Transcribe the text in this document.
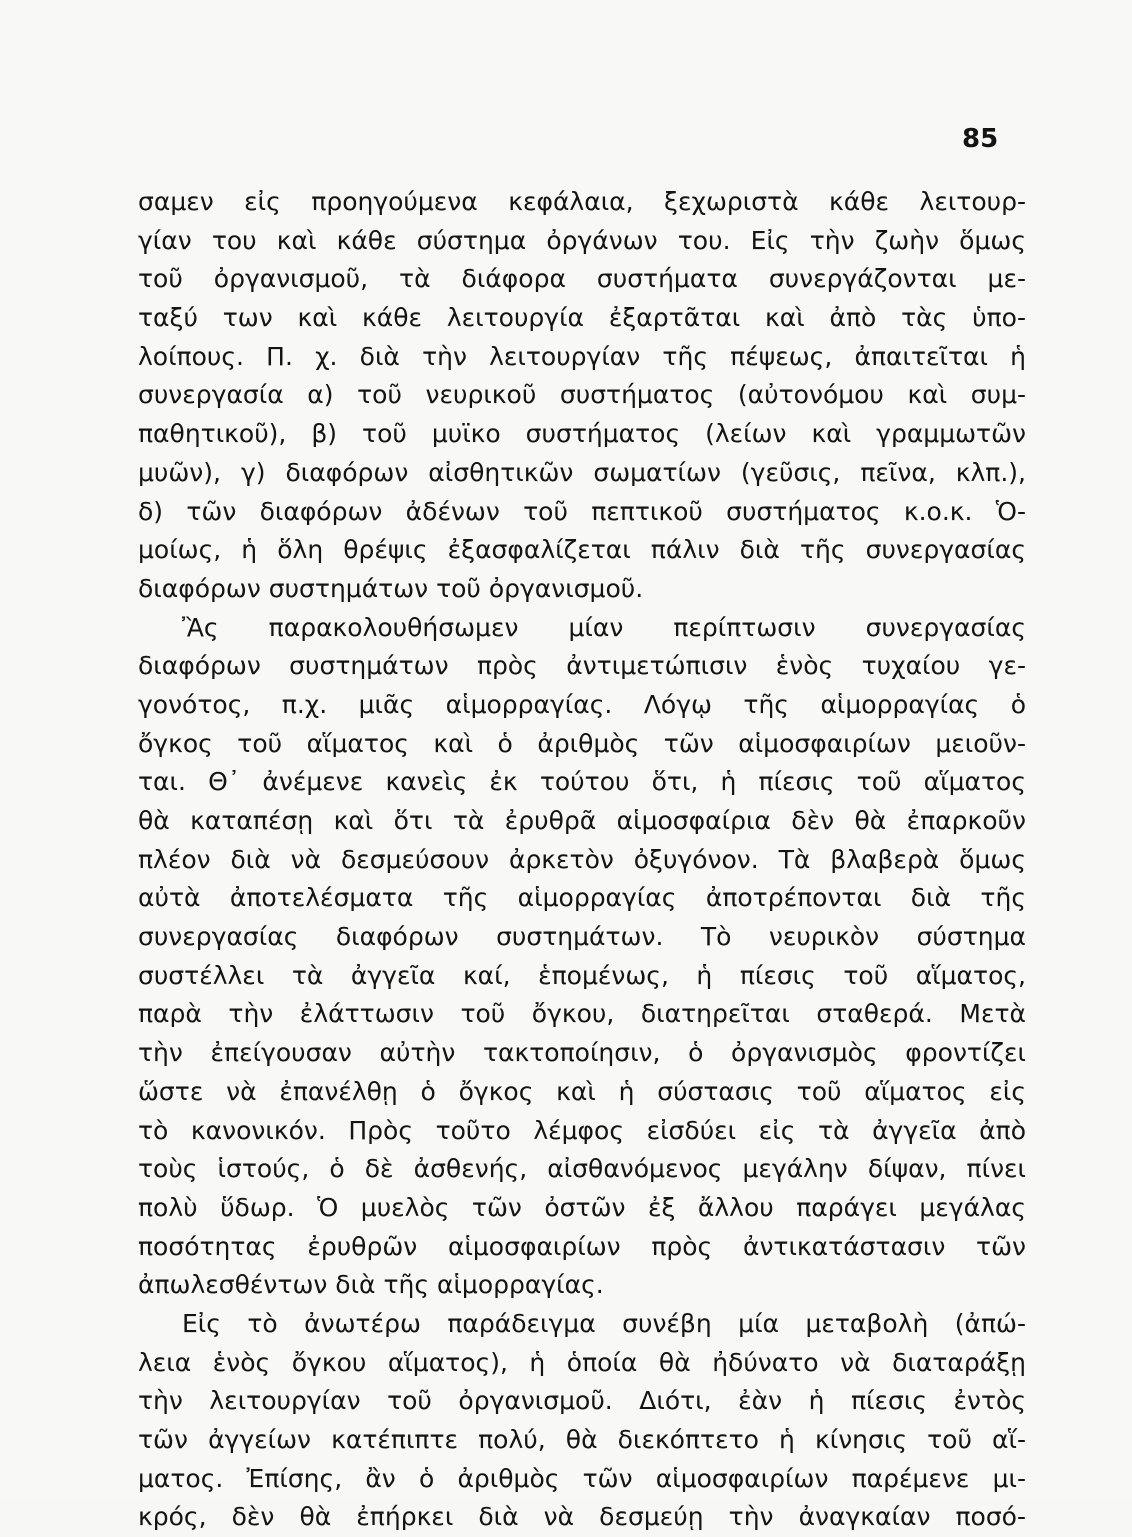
85
σαμεν εἰς προηγούμενα κεφάλαια, ξεχωριστὰ κάθε λειτουρ-
γίαν του καὶ κάθε σύστημα ὀργάνων του. Εἰς τὴν ζωὴν ὅμως
τοῦ ὀργανισμοῦ, τὰ διάφορα συστήματα συνεργάζονται με-
ταξύ των καὶ κάθε λειτουργία ἐξαρτᾶται καὶ ἀπὸ τὰς ὑπο-
λοίπους. Π. χ. διὰ τὴν λειτουργίαν τῆς πέψεως, ἀπαιτεῖται ἡ
συνεργασία α) τοῦ νευρικοῦ συστήματος (αὐτονόμου καὶ συμ-
παθητικοῦ), β) τοῦ μυϊκο συστήματος (λείων καὶ γραμμωτῶν
μυῶν), γ) διαφόρων αἰσθητικῶν σωματίων (γεῦσις, πεῖνα, κλπ.),
δ) τῶν διαφόρων ἀδένων τοῦ πεπτικοῦ συστήματος κ.ο.κ. Ὁ-
μοίως, ἡ ὅλη θρέψις ἐξασφαλίζεται πάλιν διὰ τῆς συνεργασίας
διαφόρων συστημάτων τοῦ ὀργανισμοῦ.
Ἂς παρακολουθήσωμεν μίαν περίπτωσιν συνεργασίας
διαφόρων συστημάτων πρὸς ἀντιμετώπισιν ἑνὸς τυχαίου γε-
γονότος, π.χ. μιᾶς αἱμορραγίας. Λόγῳ τῆς αἱμορραγίας ὁ
ὄγκος τοῦ αἵματος καὶ ὁ ἀριθμὸς τῶν αἱμοσφαιρίων μειοῦν-
ται. Θ᾽ ἀνέμενε κανεὶς ἐκ τούτου ὅτι, ἡ πίεσις τοῦ αἵματος
θὰ καταπέσῃ καὶ ὅτι τὰ ἐρυθρᾶ αἱμοσφαίρια δὲν θὰ ἐπαρκοῦν
πλέον διὰ νὰ δεσμεύσουν ἀρκετὸν ὀξυγόνον. Τὰ βλαβερὰ ὅμως
αὐτὰ ἀποτελέσματα τῆς αἱμορραγίας ἀποτρέπονται διὰ τῆς
συνεργασίας διαφόρων συστημάτων. Τὸ νευρικὸν σύστημα
συστέλλει τὰ ἀγγεῖα καί, ἑπομένως, ἡ πίεσις τοῦ αἵματος,
παρὰ τὴν ἐλάττωσιν τοῦ ὄγκου, διατηρεῖται σταθερά. Μετὰ
τὴν ἐπείγουσαν αὐτὴν τακτοποίησιν, ὁ ὀργανισμὸς φροντίζει
ὥστε νὰ ἐπανέλθῃ ὁ ὄγκος καὶ ἡ σύστασις τοῦ αἵματος εἰς
τὸ κανονικόν. Πρὸς τοῦτο λέμφος εἰσδύει εἰς τὰ ἀγγεῖα ἀπὸ
τοὺς ἱστούς, ὁ δὲ ἀσθενής, αἰσθανόμενος μεγάλην δίψαν, πίνει
πολὺ ὕδωρ. Ὁ μυελὸς τῶν ὀστῶν ἐξ ἄλλου παράγει μεγάλας
ποσότητας ἐρυθρῶν αἱμοσφαιρίων πρὸς ἀντικατάστασιν τῶν
ἀπωλεσθέντων διὰ τῆς αἱμορραγίας.
Εἰς τὸ ἀνωτέρω παράδειγμα συνέβη μία μεταβολὴ (ἀπώ-
λεια ἑνὸς ὄγκου αἵματος), ἡ ὁποία θὰ ἠδύνατο νὰ διαταράξῃ
τὴν λειτουργίαν τοῦ ὀργανισμοῦ. Διότι, ἐὰν ἡ πίεσις ἐντὸς
τῶν ἀγγείων κατέπιπτε πολύ, θὰ διεκόπτετο ἡ κίνησις τοῦ αἵ-
ματος. Ἐπίσης, ἂν ὁ ἀριθμὸς τῶν αἱμοσφαιρίων παρέμενε μι-
κρός, δὲν θὰ ἐπήρκει διὰ νὰ δεσμεύῃ τὴν ἀναγκαίαν ποσό-
